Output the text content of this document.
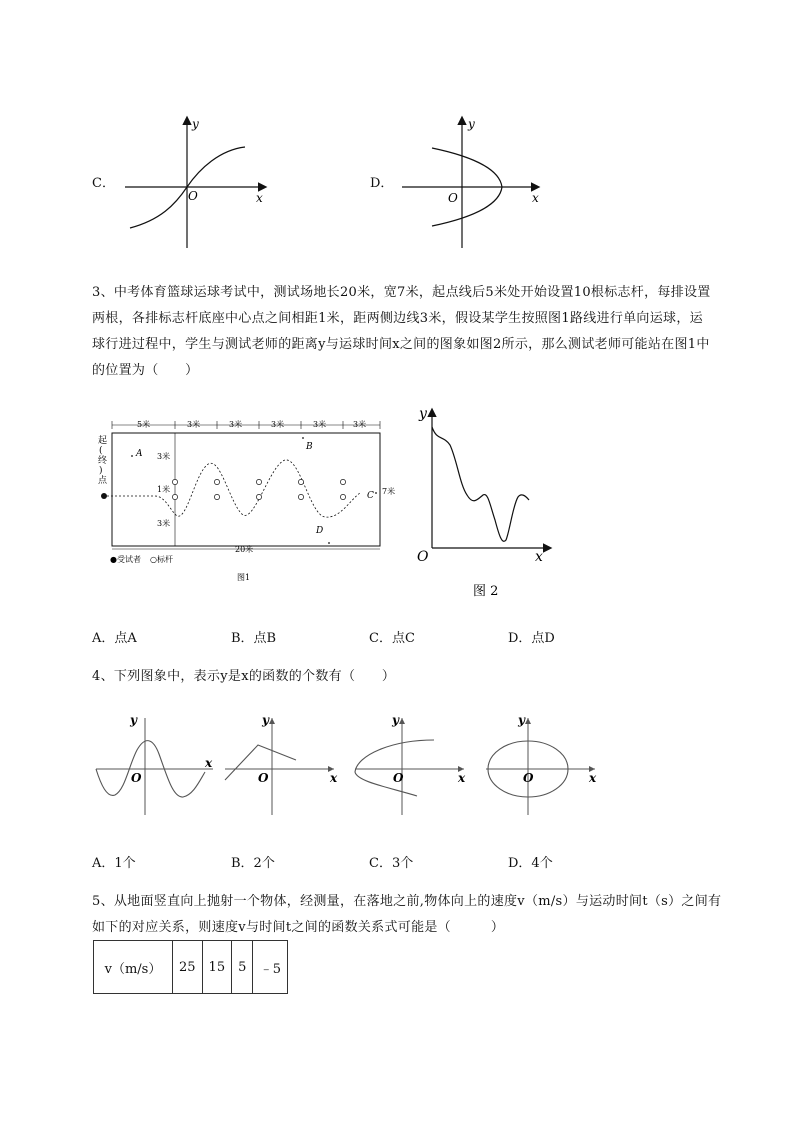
C．
O	x
y
D．
O	x
y
3、中考体育篮球运球考试中，测试场地长20米，宽7米，起点线后5米处开始设置10根标志杆，每排设置两根，各排标志杆底座中心点之间相距1米，距两侧边线3米，假设某学生按照图1路线进行单向运球，运球行进过程中，学生与测试老师的距离y与运球时间x之间的图象如图2所示，那么测试老师可能站在图1中的位置为（　　）
5米	3米	3米	3米	3米	3米
3米
1米
3米
7米
20米
起
(
终
)
点
A
B
C
D
●受试者 ○标杆
图1
y
x
O
图 2
A．点A	B．点B	C．点C	D．点D
4、下列图象中，表示y是x的函数的个数有（　　）
O
x
y
O	x
y
O	x
y
O	x
y
A．1个	B．2个	C．3个	D．4个
5、从地面竖直向上抛射一个物体，经测量，在落地之前,物体向上的速度v（m/s）与运动时间t（s）之间有如下的对应关系，则速度v与时间t之间的函数关系式可能是（　　　）
v（m/s）	25	15	5	﹣5
